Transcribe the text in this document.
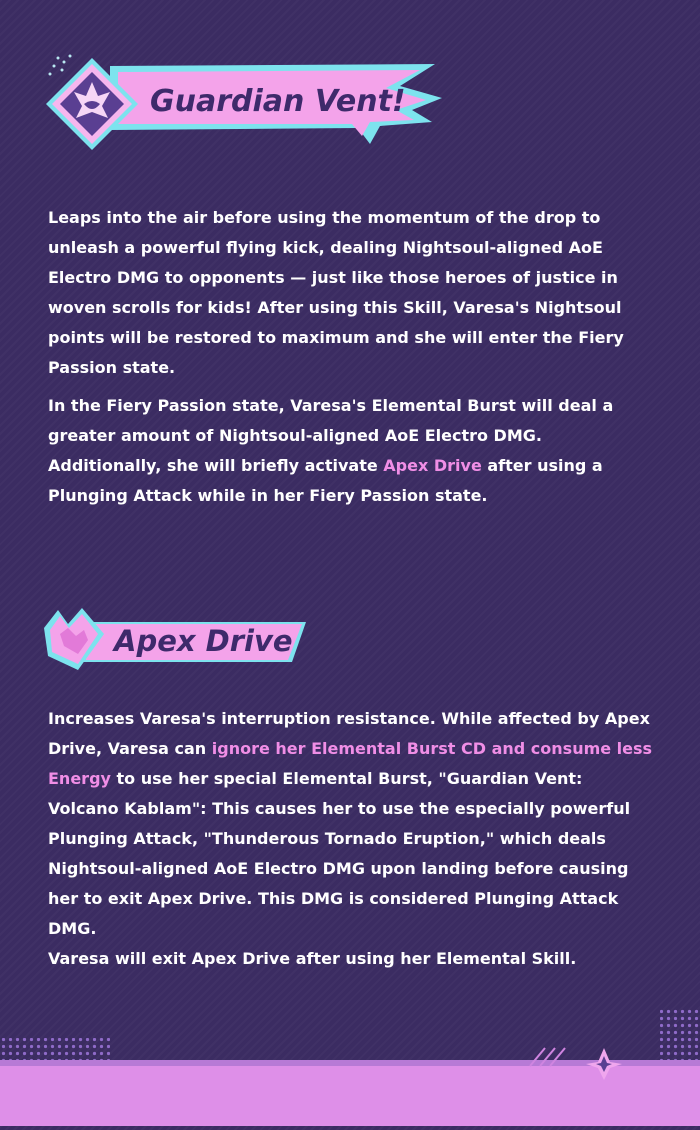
Guardian Vent!

Leaps into the air before using the momentum of the drop to unleash a powerful flying kick, dealing Nightsoul-aligned AoE Electro DMG to opponents — just like those heroes of justice in woven scrolls for kids! After using this Skill, Varesa's Nightsoul points will be restored to maximum and she will enter the Fiery Passion state.

In the Fiery Passion state, Varesa's Elemental Burst will deal a greater amount of Nightsoul-aligned AoE Electro DMG.
Additionally, she will briefly activate Apex Drive after using a Plunging Attack while in her Fiery Passion state.

Apex Drive

Increases Varesa's interruption resistance. While affected by Apex Drive, Varesa can ignore her Elemental Burst CD and consume less Energy to use her special Elemental Burst, "Guardian Vent: Volcano Kablam": This causes her to use the especially powerful Plunging Attack, "Thunderous Tornado Eruption," which deals Nightsoul-aligned AoE Electro DMG upon landing before causing her to exit Apex Drive. This DMG is considered Plunging Attack DMG.
Varesa will exit Apex Drive after using her Elemental Skill.
